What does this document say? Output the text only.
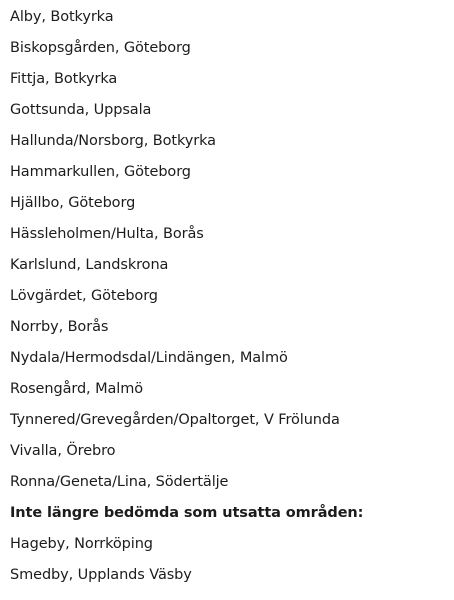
Alby, Botkyrka
Biskopsgården, Göteborg
Fittja, Botkyrka
Gottsunda, Uppsala
Hallunda/Norsborg, Botkyrka
Hammarkullen, Göteborg
Hjällbo, Göteborg
Hässleholmen/Hulta, Borås
Karlslund, Landskrona
Lövgärdet, Göteborg
Norrby, Borås
Nydala/Hermodsdal/Lindängen, Malmö
Rosengård, Malmö
Tynnered/Grevegården/Opaltorget, V Frölunda
Vivalla, Örebro
Ronna/Geneta/Lina, Södertälje
Inte längre bedömda som utsatta områden:
Hageby, Norrköping
Smedby, Upplands Väsby
